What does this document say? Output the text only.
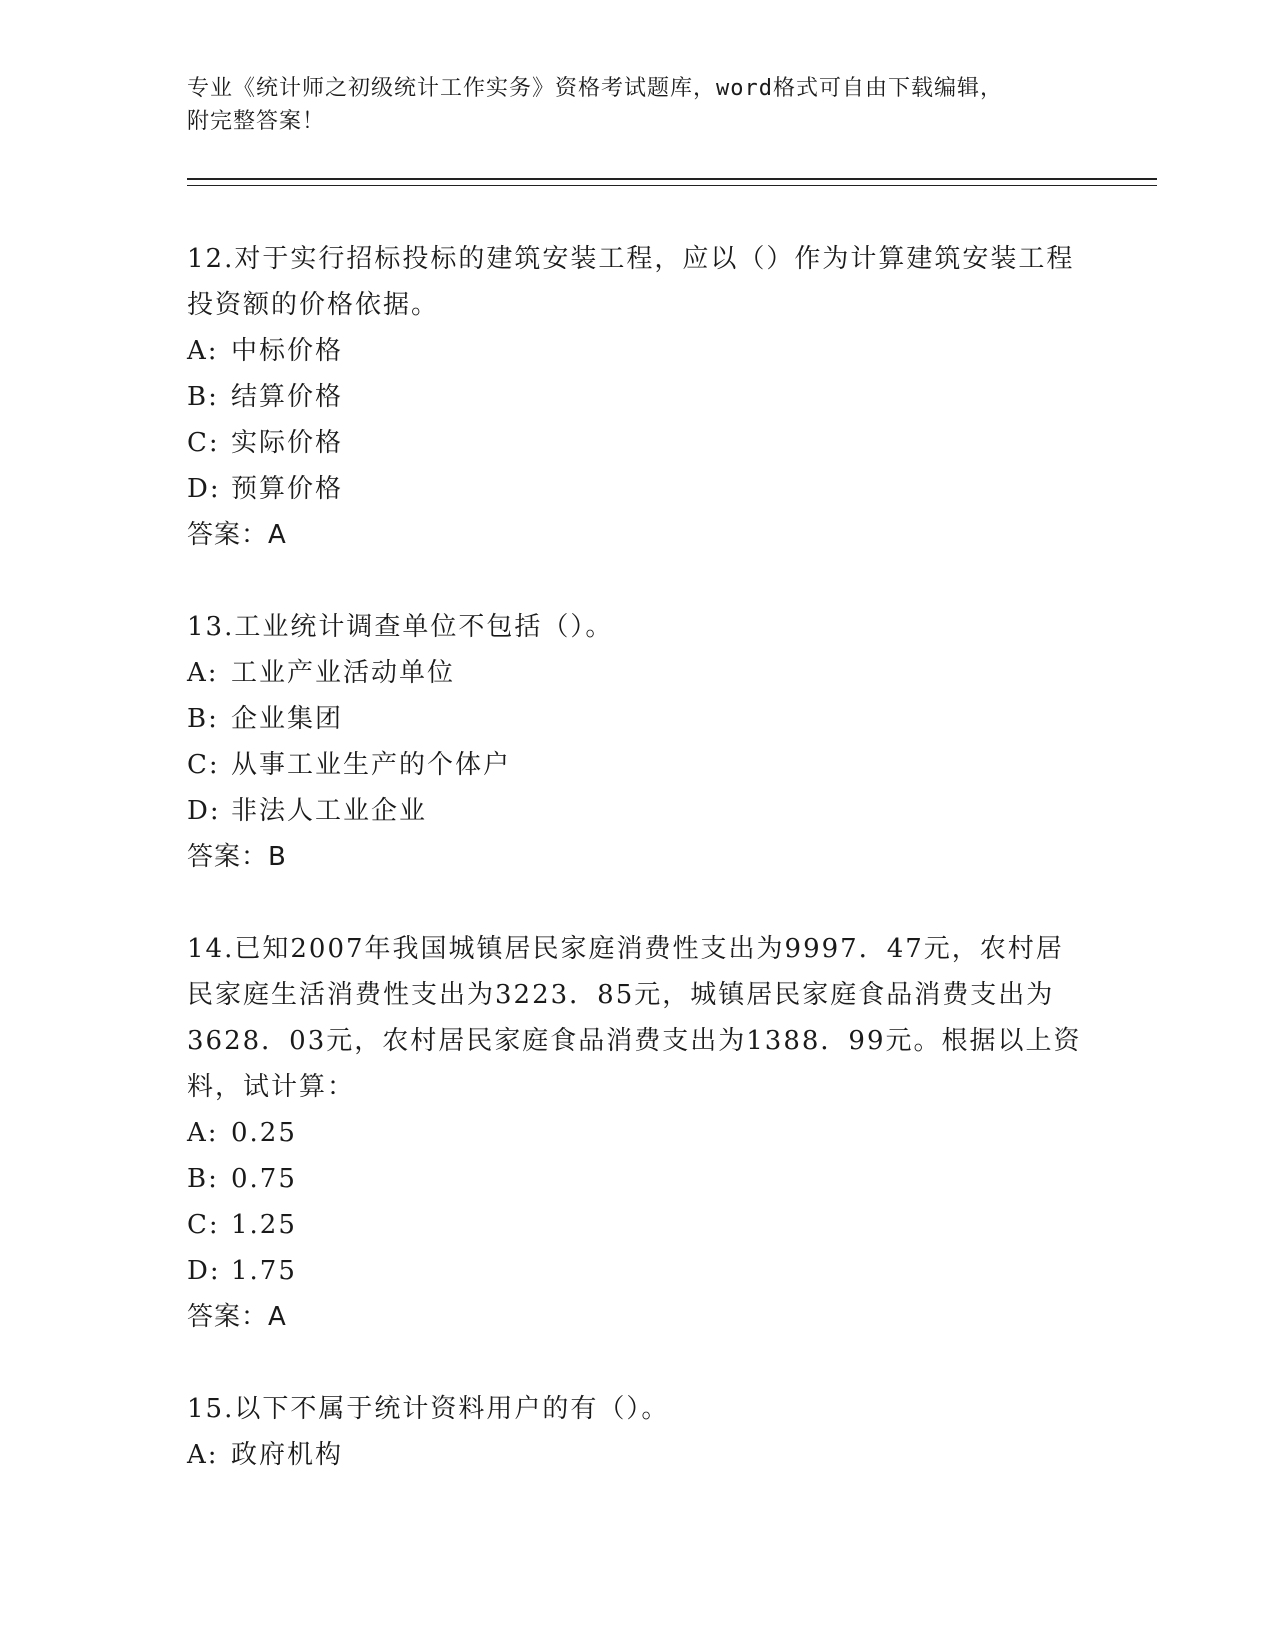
专业《统计师之初级统计工作实务》资格考试题库，word格式可自由下载编辑，
附完整答案！

12.对于实行招标投标的建筑安装工程，应以（）作为计算建筑安装工程投资额的价格依据。

A: 中标价格

B: 结算价格

C: 实际价格

D: 预算价格

答案：A

13.工业统计调查单位不包括（）。

A: 工业产业活动单位

B: 企业集团

C: 从事工业生产的个体户

D: 非法人工业企业

答案：B

14.已知2007年我国城镇居民家庭消费性支出为9997．47元，农村居民家庭生活消费性支出为3223．85元，城镇居民家庭食品消费支出为3628．03元，农村居民家庭食品消费支出为1388．99元。根据以上资料，试计算：

A: 0.25

B: 0.75

C: 1.25

D: 1.75

答案：A

15.以下不属于统计资料用户的有（）。

A: 政府机构
